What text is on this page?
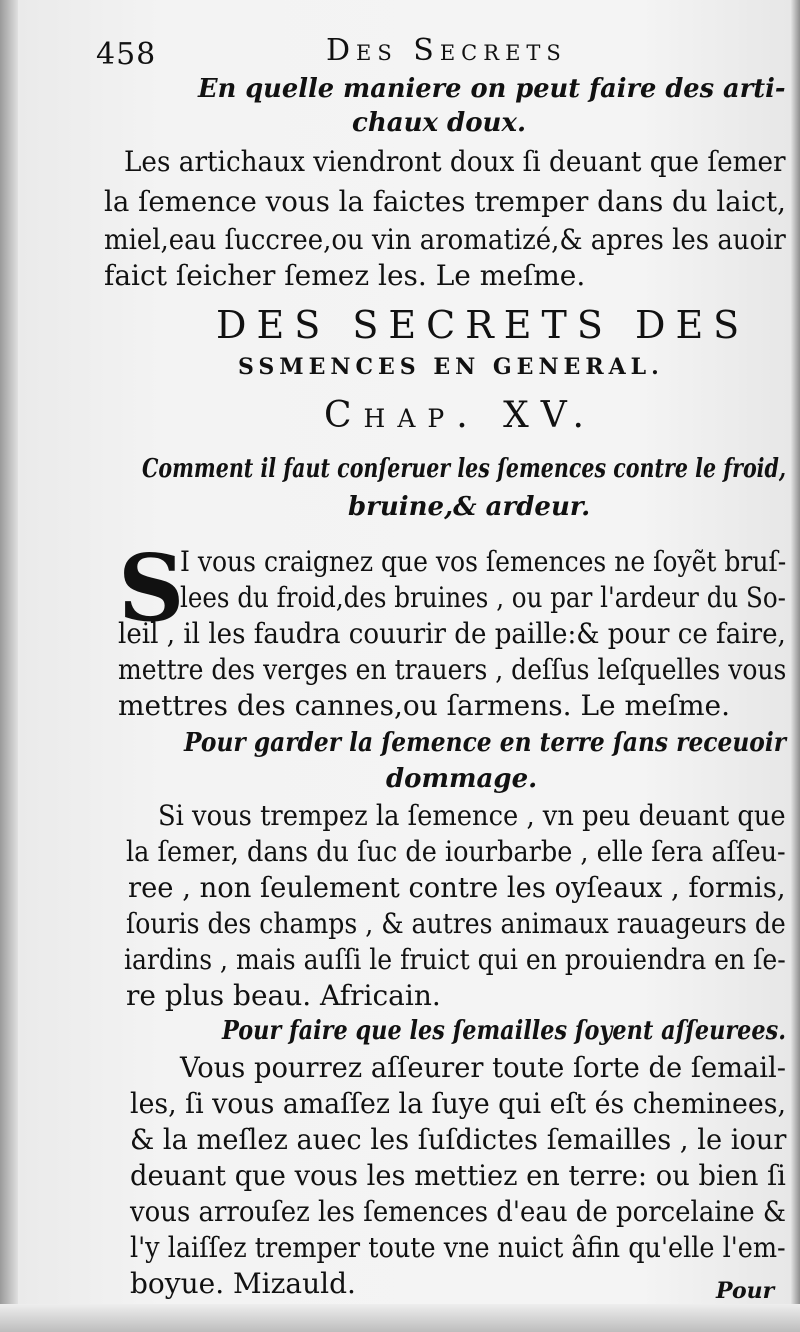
458	Des Secrets
En quelle maniere on peut faire des arti-
chaux doux.
Les artichaux viendront doux ſi deuant que ſemer
la ſemence vous la faictes tremper dans du laict,
miel,eau ſuccree,ou vin aromatizé,& apres les auoir
faict ſeicher ſemez les. Le meſme.
DES SECRETS DES
SSMENCES EN GENERAL.
Chap. XV.
Comment il faut conſeruer les ſemences contre le froid,
bruine,& ardeur.
S
I vous craignez que vos ſemences ne ſoyẽt bruſ-
lees du froid,des bruines , ou par l'ardeur du So-
leil , il les faudra couurir de paille:& pour ce faire,
mettre des verges en trauers , deſſus leſquelles vous
mettres des cannes,ou ſarmens. Le meſme.
Pour garder la ſemence en terre ſans receuoir
dommage.
Si vous trempez la ſemence , vn peu deuant que
la ſemer, dans du ſuc de iourbarbe , elle ſera aſſeu-
ree , non ſeulement contre les oyſeaux , formis,
ſouris des champs , & autres animaux rauageurs de
iardins , mais auſſi le fruict qui en prouiendra en ſe-
re plus beau. Africain.
Pour faire que les ſemailles ſoyent aſſeurees.
Vous pourrez aſſeurer toute ſorte de ſemail-
les, ſi vous amaſſez la ſuye qui eſt és cheminees,
& la meſlez auec les ſuſdictes ſemailles , le iour
deuant que vous les mettiez en terre: ou bien ſi
vous arrouſez les ſemences d'eau de porcelaine &
l'y laiſſez tremper toute vne nuict âfin qu'elle l'em-
boyue. Mizauld.	Pour
